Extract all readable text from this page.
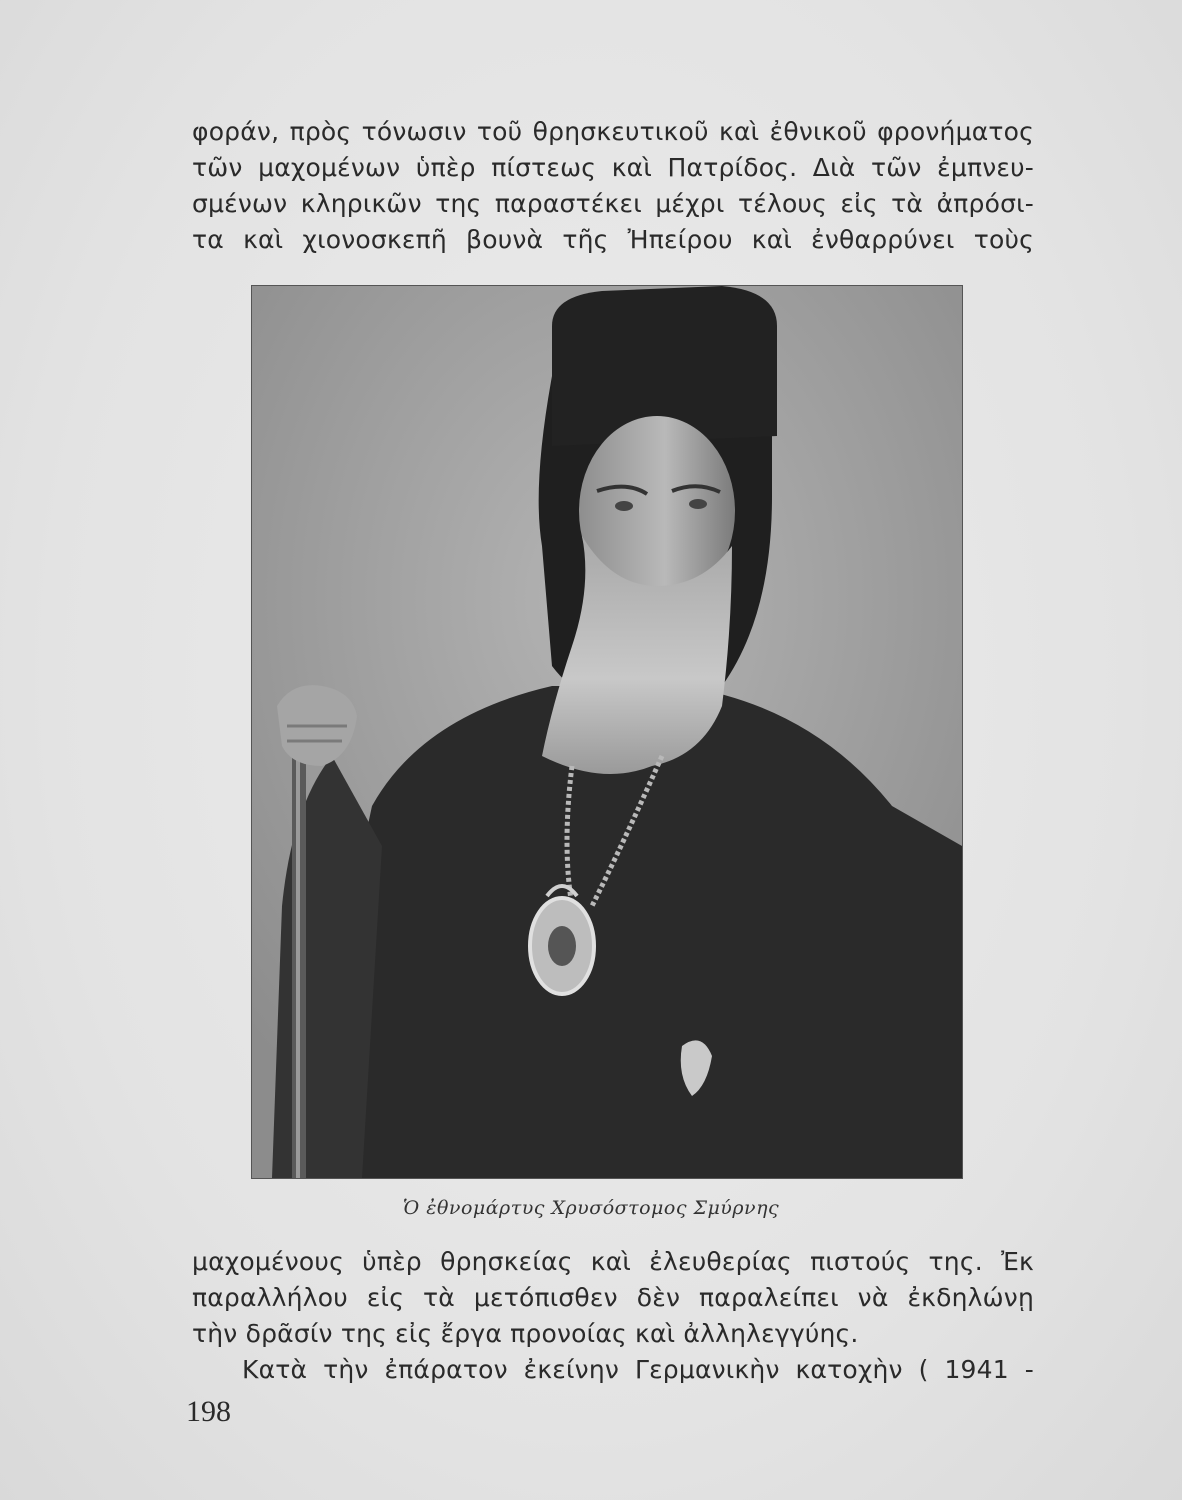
φοράν, πρὸς τόνωσιν τοῦ θρησκευτικοῦ καὶ ἐθνικοῦ φρονήματος
τῶν μαχομένων ὑπὲρ πίστεως καὶ Πατρίδος. Διὰ τῶν ἐμπνευ-
σμένων κληρικῶν της παραστέκει μέχρι τέλους εἰς τὰ ἀπρόσι-
τα καὶ χιονοσκεπῆ βουνὰ τῆς Ἠπείρου καὶ ἐνθαρρύνει τοὺς
Ὁ ἐθνομάρτυς Χρυσόστομος Σμύρνης
μαχομένους ὑπὲρ θρησκείας καὶ ἐλευθερίας πιστούς της. Ἐκ
παραλλήλου εἰς τὰ μετόπισθεν δὲν παραλείπει νὰ ἐκδηλώνῃ
τὴν δρᾶσίν της εἰς ἔργα προνοίας καὶ ἀλληλεγγύης.
Κατὰ τὴν ἐπάρατον ἐκείνην Γερμανικὴν κατοχὴν ( 1941 -
198
